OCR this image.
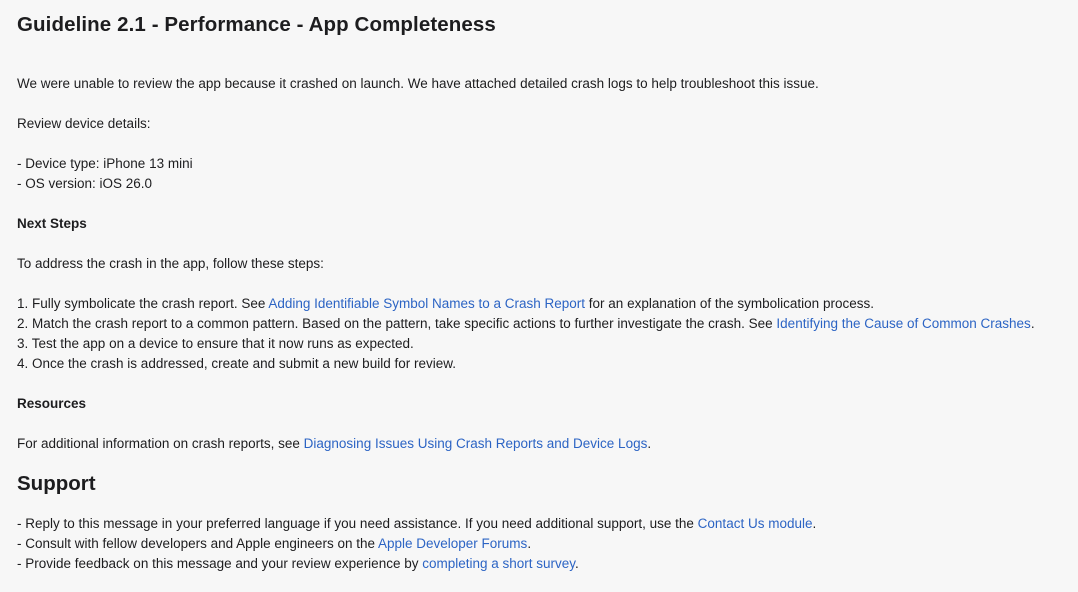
Guideline 2.1 - Performance - App Completeness
We were unable to review the app because it crashed on launch. We have attached detailed crash logs to help troubleshoot this issue.
Review device details:
- Device type: iPhone 13 mini
- OS version: iOS 26.0
Next Steps
To address the crash in the app, follow these steps:
1. Fully symbolicate the crash report. See Adding Identifiable Symbol Names to a Crash Report for an explanation of the symbolication process.
2. Match the crash report to a common pattern. Based on the pattern, take specific actions to further investigate the crash. See Identifying the Cause of Common Crashes.
3. Test the app on a device to ensure that it now runs as expected.
4. Once the crash is addressed, create and submit a new build for review.
Resources
For additional information on crash reports, see Diagnosing Issues Using Crash Reports and Device Logs.
Support
- Reply to this message in your preferred language if you need assistance. If you need additional support, use the Contact Us module.
- Consult with fellow developers and Apple engineers on the Apple Developer Forums.
- Provide feedback on this message and your review experience by completing a short survey.
